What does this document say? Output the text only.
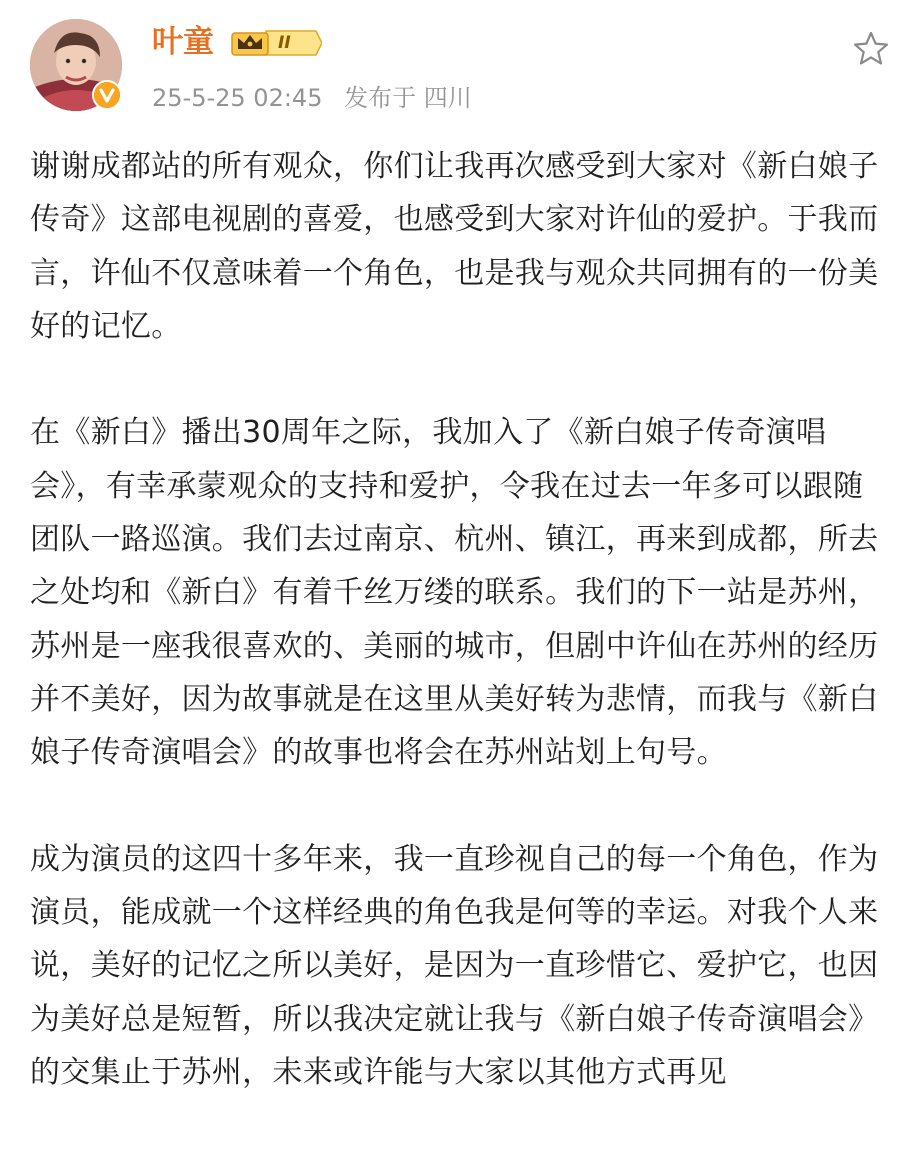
叶童	II
25-5-25 02:45 发布于 四川

谢谢成都站的所有观众，你们让我再次感受到大家对《新白娘子传奇》这部电视剧的喜爱，也感受到大家对许仙的爱护。于我而言，许仙不仅意味着一个角色，也是我与观众共同拥有的一份美好的记忆。

在《新白》播出30周年之际，我加入了《新白娘子传奇演唱会》，有幸承蒙观众的支持和爱护，令我在过去一年多可以跟随团队一路巡演。我们去过南京、杭州、镇江，再来到成都，所去之处均和《新白》有着千丝万缕的联系。我们的下一站是苏州，苏州是一座我很喜欢的、美丽的城市，但剧中许仙在苏州的经历并不美好，因为故事就是在这里从美好转为悲情，而我与《新白娘子传奇演唱会》的故事也将会在苏州站划上句号。

成为演员的这四十多年来，我一直珍视自己的每一个角色，作为演员，能成就一个这样经典的角色我是何等的幸运。对我个人来说，美好的记忆之所以美好，是因为一直珍惜它、爱护它，也因为美好总是短暂，所以我决定就让我与《新白娘子传奇演唱会》的交集止于苏州，未来或许能与大家以其他方式再见
